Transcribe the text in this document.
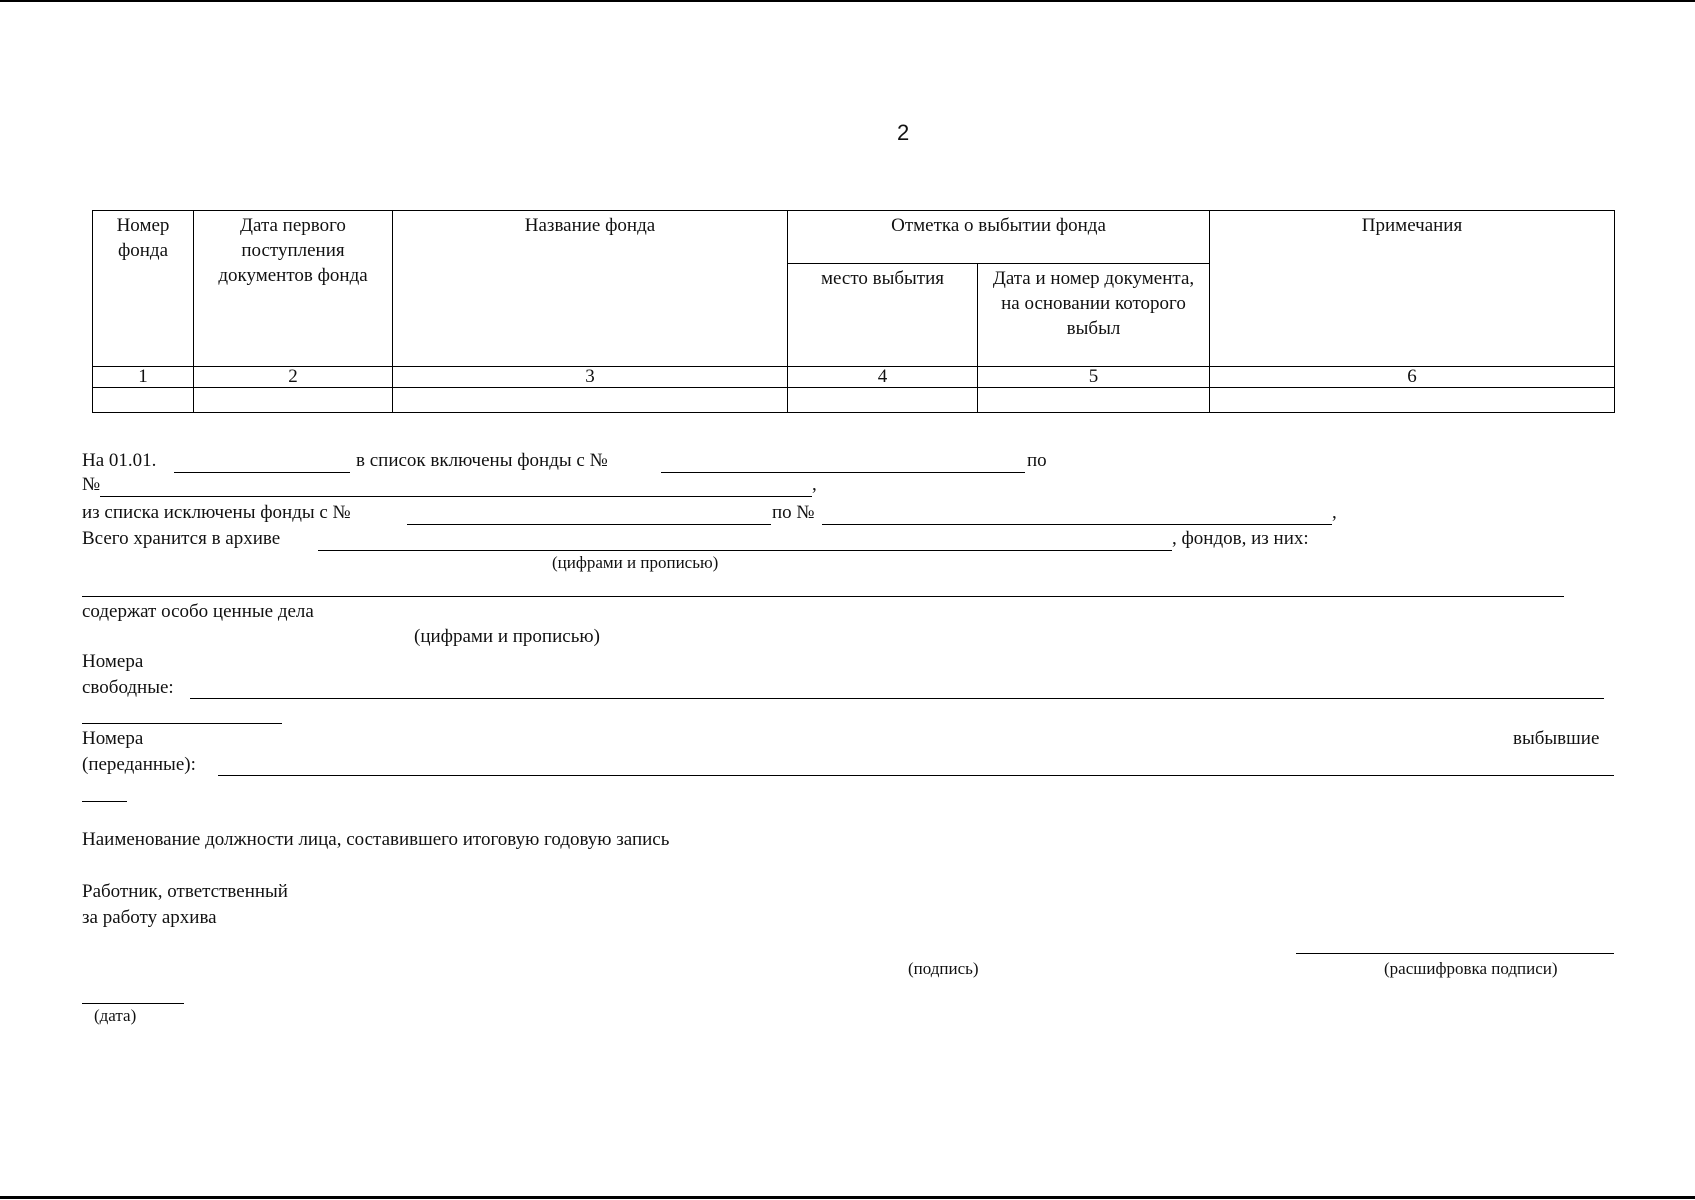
2
Номер фонда	Дата первого поступления документов фонда	Название фонда	Отметка о выбытии фонда		Примечания
			место выбытия	Дата и номер документа, на основании которого выбыл	
1	2	3	4	5	6

На 01.01.	в список включены фонды с №	по
№	,
из списка исключены фонды с №	по №	,
Всего хранится в архиве	, фондов, из них:
(цифрами и прописью)
содержат особо ценные дела
(цифрами и прописью)
Номера
свободные:
Номера	выбывшие
(переданные):
Наименование должности лица, составившего итоговую годовую запись
Работник, ответственный
за работу архива
(подпись)	(расшифровка подписи)
(дата)
